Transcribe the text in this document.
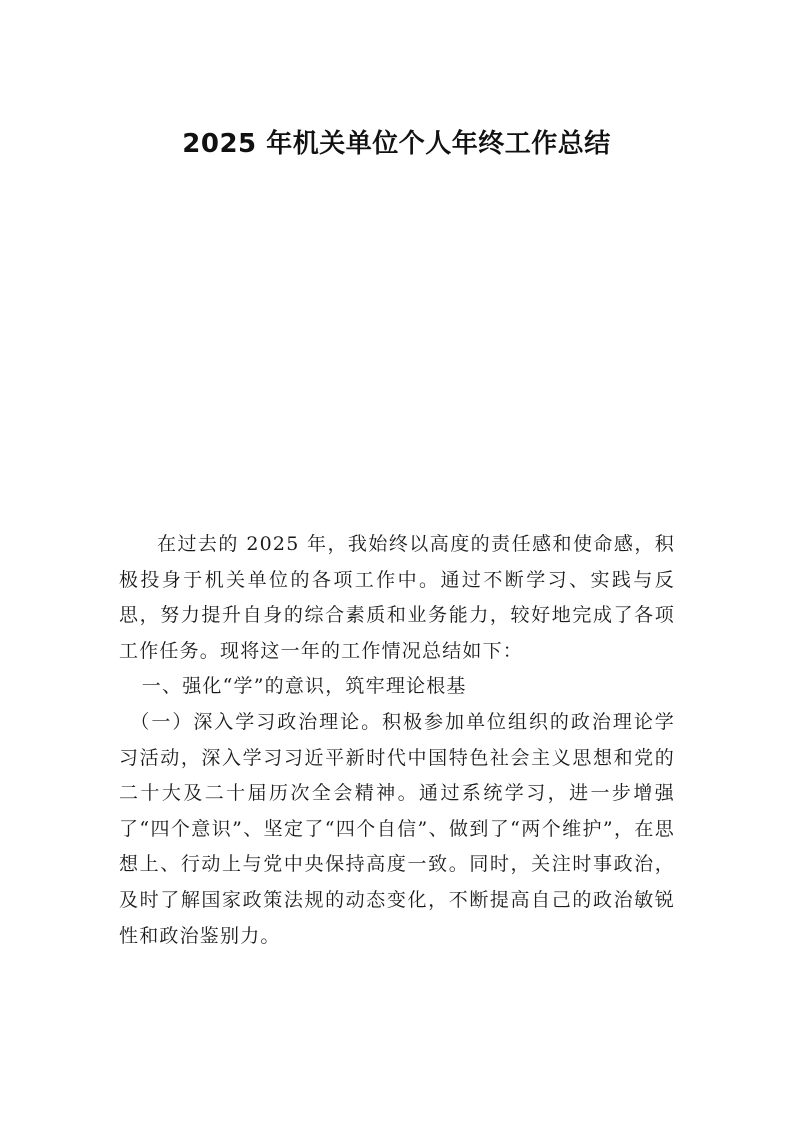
2025 年机关单位个人年终工作总结

在过去的 2025 年，我始终以高度的责任感和使命感，积极投身于机关单位的各项工作中。通过不断学习、实践与反思，努力提升自身的综合素质和业务能力，较好地完成了各项工作任务。现将这一年的工作情况总结如下：

一、强化“学”的意识，筑牢理论根基

（一）深入学习政治理论。积极参加单位组织的政治理论学习活动，深入学习习近平新时代中国特色社会主义思想和党的二十大及二十届历次全会精神。通过系统学习，进一步增强了“四个意识”、坚定了“四个自信”、做到了“两个维护”，在思想上、行动上与党中央保持高度一致。同时，关注时事政治，及时了解国家政策法规的动态变化，不断提高自己的政治敏锐性和政治鉴别力。
